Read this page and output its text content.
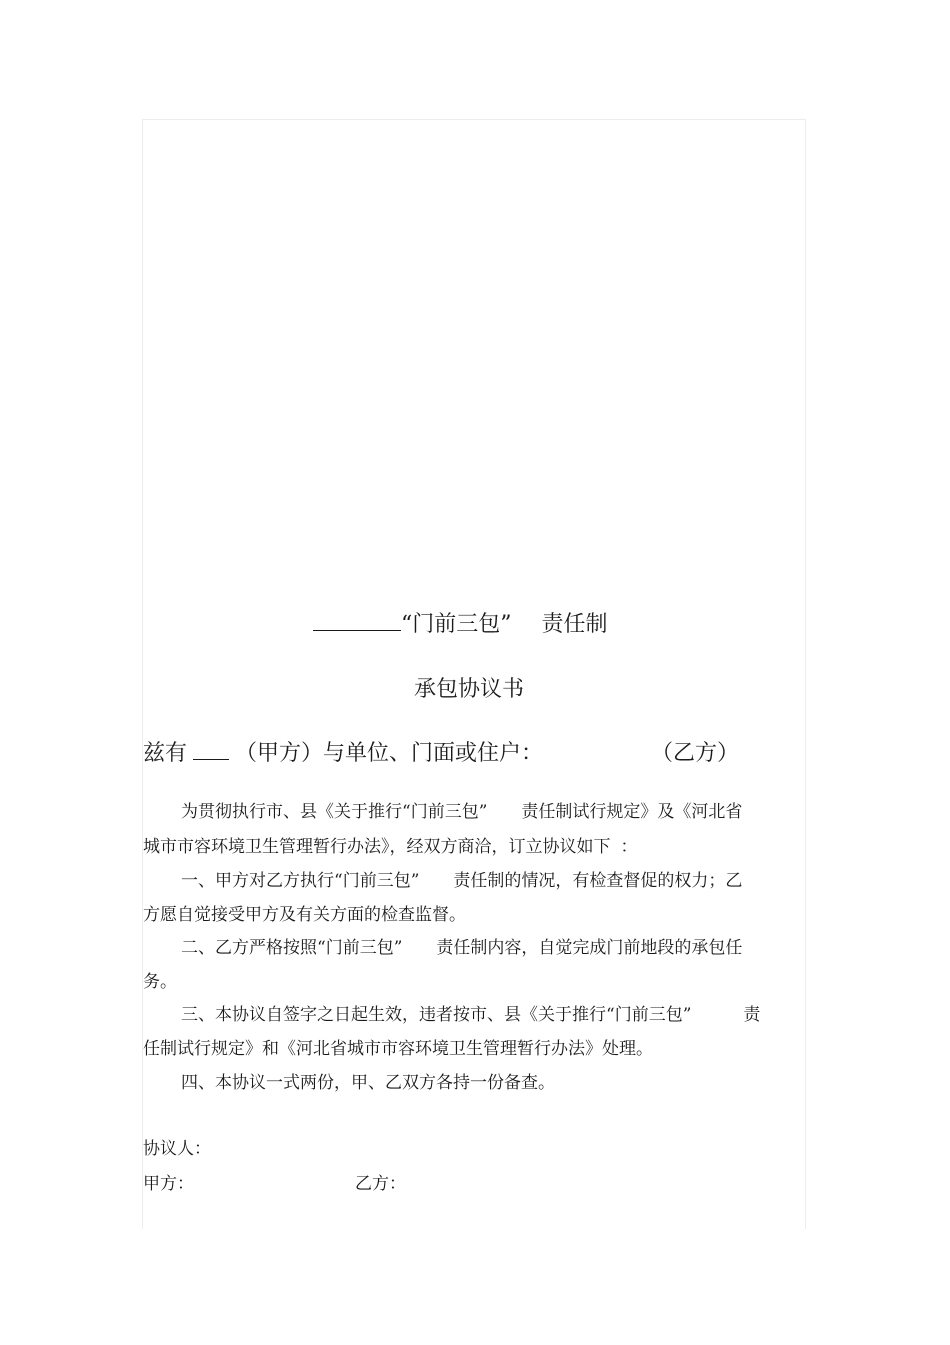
“门前三包” 责任制
承包协议书
兹有 （甲方）与单位、门面或住户：	（乙方）
为贯彻执行市、县《关于推行“门前三包” 责任制试行规定》及《河北省
城市市容环境卫生管理暂行办法》，经双方商洽，订立协议如下 ：
一、甲方对乙方执行“门前三包” 责任制的情况，有检查督促的权力；乙
方愿自觉接受甲方及有关方面的检查监督。
二、乙方严格按照“门前三包” 责任制内容，自觉完成门前地段的承包任
务。
三、本协议自签字之日起生效，违者按市、县《关于推行“门前三包”	责
任制试行规定》和《河北省城市市容环境卫生管理暂行办法》处理。
四、本协议一式两份，甲、乙双方各持一份备查。
协议人：
甲方：	乙方：
